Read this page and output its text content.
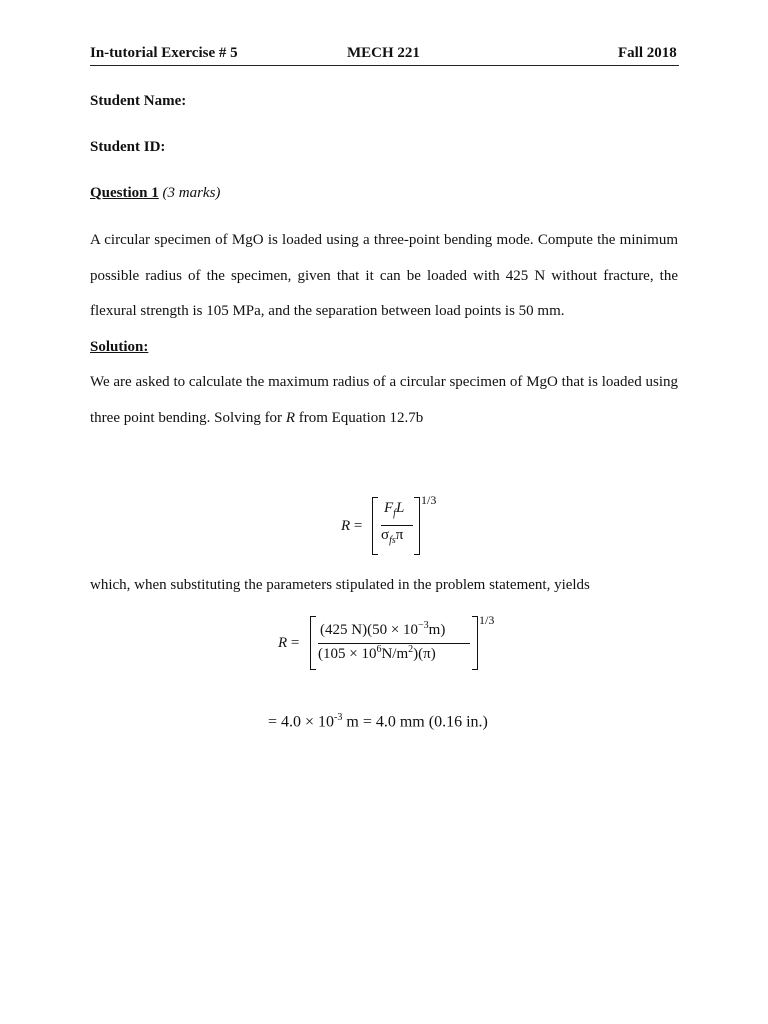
In-tutorial Exercise # 5	MECH 221	Fall 2018
Student Name:
Student ID:
Question 1 (3 marks)
A circular specimen of MgO is loaded using a three-point bending mode. Compute the minimum possible radius of the specimen, given that it can be loaded with 425 N without fracture, the flexural strength is 105 MPa, and the separation between load points is 50 mm.
Solution:
We are asked to calculate the maximum radius of a circular specimen of MgO that is loaded using three point bending. Solving for R from Equation 12.7b
R =
$F_fL$
$\sigma_{fs}\pi$
1/3
which, when substituting the parameters stipulated in the problem statement, yields
R =
(425 $N)(50 \times 10^{-3}m)$
$(105 \times 10^6N/m^2)(\pi)$
1/3
= $4.0 \times 10^{-3}$ m = 4.0 mm (0.16 in.)
